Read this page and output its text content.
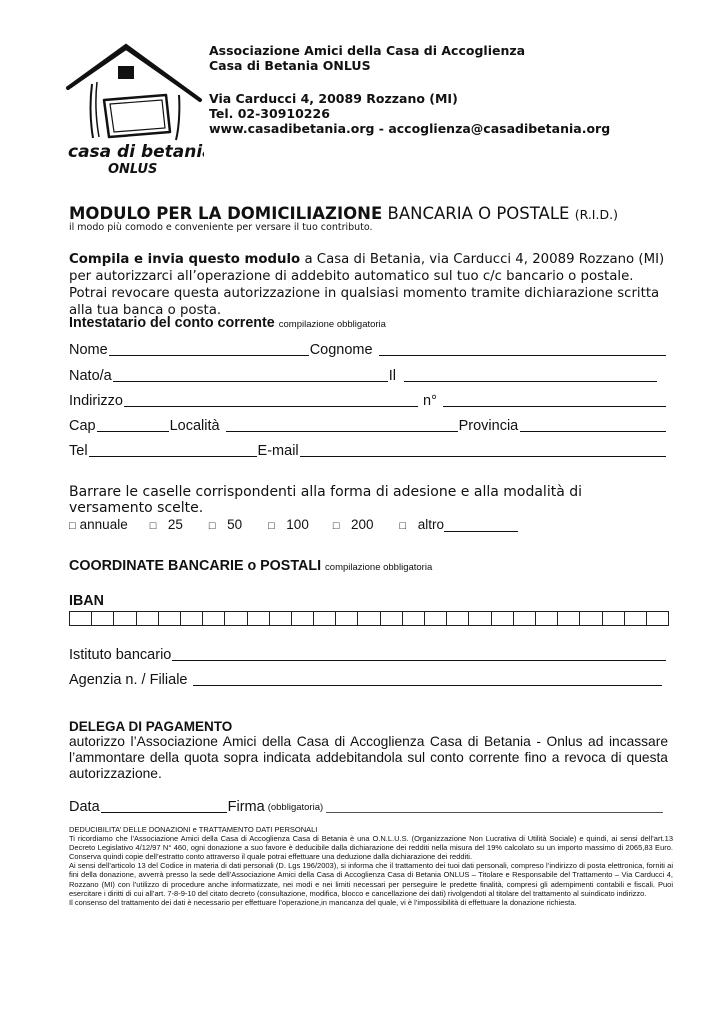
casa di betania
ONLUS
Associazione Amici della Casa di Accoglienza
Casa di Betania ONLUS
Via Carducci 4, 20089 Rozzano (MI)
Tel. 02-30910226
www.casadibetania.org - accoglienza@casadibetania.org
MODULO PER LA DOMICILIAZIONE BANCARIA O POSTALE (R.I.D.)
il modo più comodo e conveniente per versare il tuo contributo.
Compila e invia questo modulo a Casa di Betania, via Carducci 4, 20089 Rozzano (MI) per autorizzarci all’operazione di addebito automatico sul tuo c/c bancario o postale. Potrai revocare questa autorizzazione in qualsiasi momento tramite dichiarazione scritta alla tua banca o posta.
Intestatario del conto corrente compilazione obbligatoria
Nome	Cognome
Nato/a	Il
Indirizzo	n°
Cap	Località	Provincia
Tel	E-mail
Barrare le caselle corrispondenti alla forma di adesione e alla modalità di versamento scelte.
□ annuale □
25 □
50 □
100 □
200 □
altro
COORDINATE BANCARIE o POSTALI compilazione obbligatoria
IBAN
Istituto bancario
Agenzia n. / Filiale
DELEGA DI PAGAMENTO
autorizzo l’Associazione Amici della Casa di Accoglienza Casa di Betania - Onlus ad incassare l’ammontare della quota sopra indicata addebitandola sul conto corrente fino a revoca di questa autorizzazione.
Data	Firma (obbligatoria)

DEDUCIBILITA’ DELLE DONAZIONI e TRATTAMENTO DATI PERSONALI

Ti ricordiamo che l’Associazione Amici della Casa di Accoglienza Casa di Betania è una O.N.L.U.S. (Organizzazione Non Lucrativa di Utilità Sociale) e quindi, ai sensi dell’art.13 Decreto Legislativo 4/12/97 N° 460, ogni donazione a suo favore è deducibile dalla dichiarazione dei redditi nella misura del 19% calcolato su un importo massimo di 2065,83 Euro. Conserva quindi copie dell’estratto conto attraverso il quale potrai effettuare una deduzione dalla dichiarazione dei redditi.

Ai sensi dell’articolo 13 del Codice in materia di dati personali (D. Lgs 196/2003), si informa che il trattamento dei tuoi dati personali, compreso l’indirizzo di posta elettronica, forniti ai fini della donazione, avverrà presso la sede dell’Associazione Amici della Casa di Accoglienza Casa di Betania ONLUS – Titolare e Responsabile del Trattamento – Via Carducci 4, Rozzano (MI) con l’utilizzo di procedure anche informatizzate, nei modi e nei limiti necessari per perseguire le predette finalità, compresi gli adempimenti contabili e fiscali. Puoi esercitare i diritti di cui all’art. 7-8-9-10 del citato decreto (consultazione, modifica, blocco e cancellazione dei dati) rivolgendoti al titolare del trattamento al suindicato indirizzo.

Il consenso del trattamento dei dati è necessario per effettuare l’operazione,in mancanza del quale, vi è l’impossibilità di effettuare la donazione richiesta.
